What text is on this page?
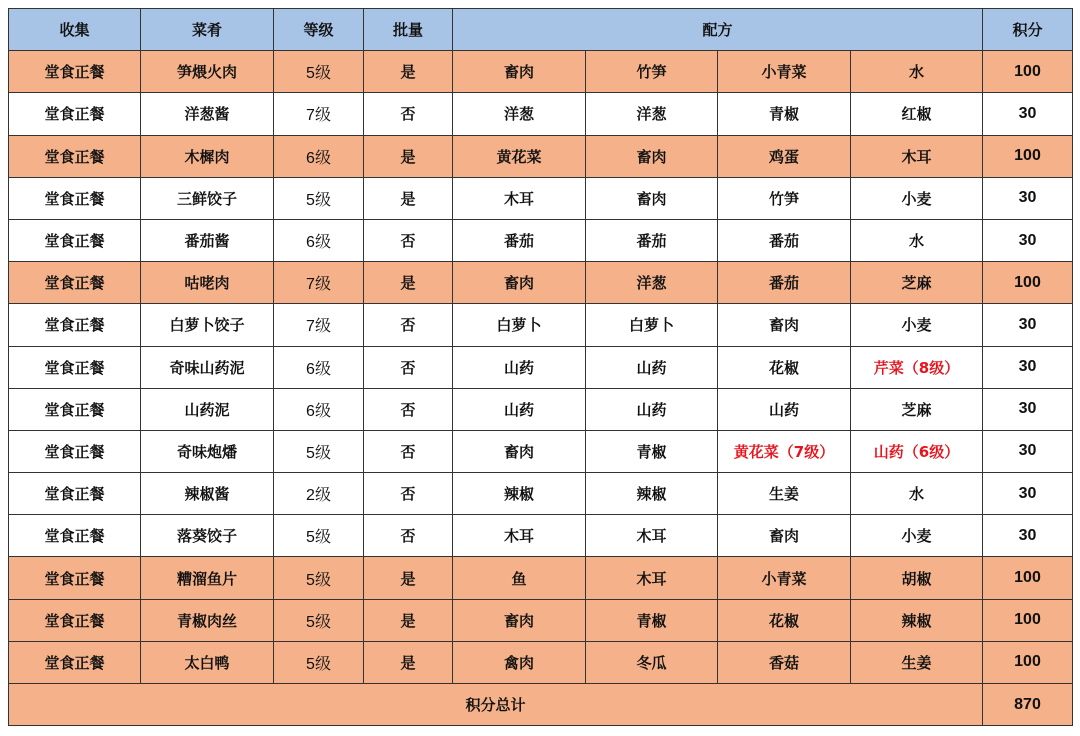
收集	菜肴	等级	批量	配方				积分
堂食正餐	笋煨火肉	5级	是	畜肉	竹笋	小青菜	水	100
堂食正餐	洋葱酱	7级	否	洋葱	洋葱	青椒	红椒	30
堂食正餐	木樨肉	6级	是	黄花菜	畜肉	鸡蛋	木耳	100
堂食正餐	三鲜饺子	5级	是	木耳	畜肉	竹笋	小麦	30
堂食正餐	番茄酱	6级	否	番茄	番茄	番茄	水	30
堂食正餐	咕咾肉	7级	是	畜肉	洋葱	番茄	芝麻	100
堂食正餐	白萝卜饺子	7级	否	白萝卜	白萝卜	畜肉	小麦	30
堂食正餐	奇味山药泥	6级	否	山药	山药	花椒	芹菜（8级）	30
堂食正餐	山药泥	6级	否	山药	山药	山药	芝麻	30
堂食正餐	奇味炮燔	5级	否	畜肉	青椒	黄花菜（7级）	山药（6级）	30
堂食正餐	辣椒酱	2级	否	辣椒	辣椒	生姜	水	30
堂食正餐	落葵饺子	5级	否	木耳	木耳	畜肉	小麦	30
堂食正餐	糟溜鱼片	5级	是	鱼	木耳	小青菜	胡椒	100
堂食正餐	青椒肉丝	5级	是	畜肉	青椒	花椒	辣椒	100
堂食正餐	太白鸭	5级	是	禽肉	冬瓜	香菇	生姜	100
积分总计								870
